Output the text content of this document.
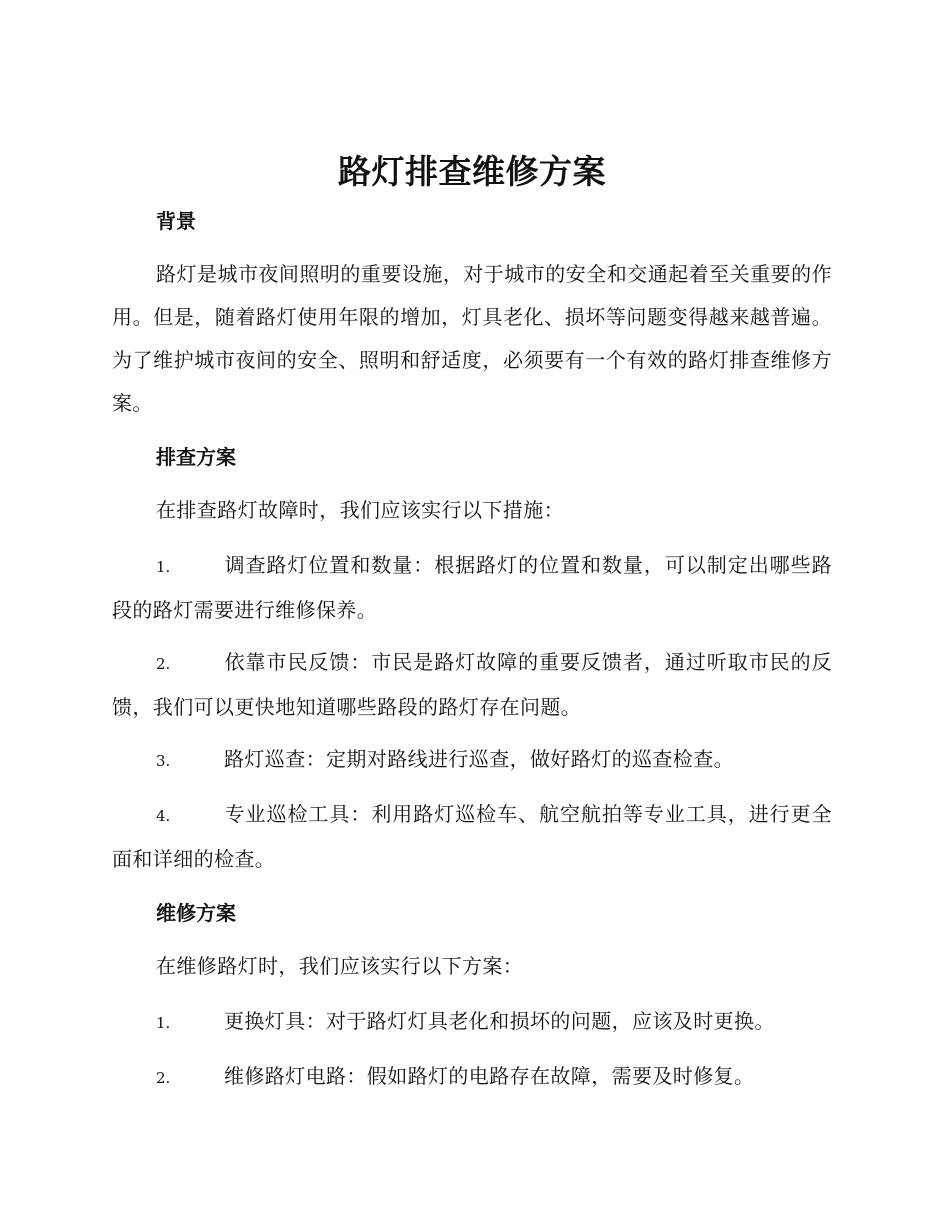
路灯排查维修方案
背景
路灯是城市夜间照明的重要设施，对于城市的安全和交通起着至关重要的作用。但是，随着路灯使用年限的增加，灯具老化、损坏等问题变得越来越普遍。为了维护城市夜间的安全、照明和舒适度，必须要有一个有效的路灯排查维修方案。
排查方案
在排查路灯故障时，我们应该实行以下措施：
1.	调查路灯位置和数量：根据路灯的位置和数量，可以制定出哪些路段的路灯需要进行维修保养。
2.	依靠市民反馈：市民是路灯故障的重要反馈者，通过听取市民的反馈，我们可以更快地知道哪些路段的路灯存在问题。
3.	路灯巡查：定期对路线进行巡查，做好路灯的巡查检查。
4.	专业巡检工具：利用路灯巡检车、航空航拍等专业工具，进行更全面和详细的检查。
维修方案
在维修路灯时，我们应该实行以下方案：
1.	更换灯具：对于路灯灯具老化和损坏的问题，应该及时更换。
2.	维修路灯电路：假如路灯的电路存在故障，需要及时修复。
